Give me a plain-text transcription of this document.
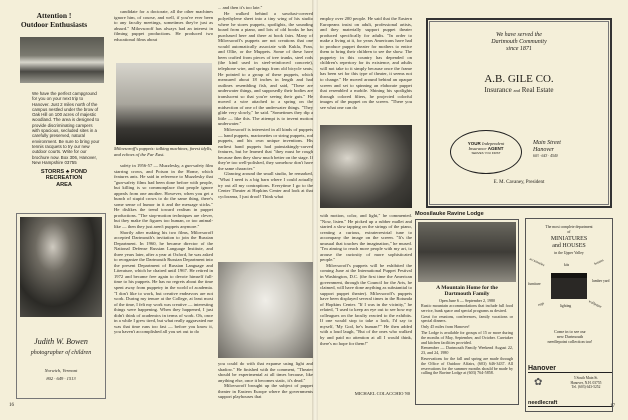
Attention !
Outdoor Enthusiasts
We have the perfect campground for you on your next trip to Hanover. Just 2 miles north of the campus nestled under the brow of Oak Hill on 100 acres of majestic woodland. The area is designed to provide discriminating campers with spacious, secluded sites in a carefully preserved, natural environment. Be sure to bring your tennis racquets to try our new outdoor courts. Write for our brochure now. Box 306, Hanover, New Hampshire 03755
STORRS ♣ POND
RECREATION
AREA
Judith W. Bowen
photographer of children
Norwich, Vermont
802 · 649 · 1513
16

candidate for a doctorate, all the other machines ignore him, of course, and well, if you've ever been to any faculty meetings, sometimes they're just as absurd." Milovsoroff has always had an interest in filming puppet productions. He produced two educational films about

Milovsoroff's puppets: talking machines, forest idylls, and echoes of the Far East.

safety in 1956-57 — Muzzlesky, a gun-safety film starring crows, and Poison in the Home, which features ants. He said in reference to Muzzlesky that "gun-safety films had been done before with people, but killing is so commonplace that people ignore appeals from one another. However, when you get a bunch of stupid crows to do the same thing, there's some sense of humor in it and the message sticks." He dislikes the trend toward realism in puppet productions. "The stop-motion techniques are clever, but they make the figures too human, or too animal-like — then they just aren't puppets anymore."

Shortly after making his two films, Milovsoroff accepted Dartmouth's invitation to join the Russian Department. In 1960, he became director of the National Defense Russian Language Institute, and three years later, after a year at Oxford, he was asked to reorganize the Dartmouth Russian Department into the present Department of Russian Language and Literature, which he chaired until 1967. He retired in 1972 and became free again to devote himself full-time to his puppets. He has no regrets about the time spent away from puppetry in the world of academia. "I don't like to work, but creative endeavors are not work. During my tenure at the College, at least most of the time, I felt my work was creative — interesting things were happening. When they happened, I just didn't think of academics in terms of work. Oh, once in a while I grew tired, but what really aggravated me was that time runs too fast — before you know it, you haven't accomplished all you set out to do

... and then it's too late."

He walked behind a sawdust-covered polyethylene sheet into a tiny wing of his studio where he stores puppets, spotlights, the sounding board from a piano, and lots of old books he has purchased here and there at book fairs. Many of Milovsoroff's puppets are not creations that one would automatically associate with Kukla, Fran, and Ollie, or the Muppets. Some of these have been crafted from pieces of tree trunks, steel rods (the kind used in steel-reinforced concrete), telephone wire, and springs from old bicycle seats. He pointed to a group of these puppets, which measured about 18 inches in length and had outlines resembling fish, and said, "These are underwater things, and supposedly their bodies are translucent so that you're seeing their guts." He moved a wire attached to a spring on the midsection of one of the underwater things. "They glide very slowly," he said. "Sometimes they dip a little — like this. The attempt is to invent motion underwater."

Milovsoroff is interested in all kinds of puppets — hand puppets, marionettes or string puppets, rod puppets, and his own unique inventions. His earliest hand puppets had painstakingly-carved features, but he learned that "they must be rough because then they show much better on the stage. If they're too well-polished, they somehow don't have the same character."

Glancing around the small studio, he remarked, "What I need is a big barn where I could actually try out all my contraptions. Everytime I go to the Center Theater at Hopkins Center and look at that cyclorama, I just drool! Think what

you could do with that expanse using light and shadow." He finished with the comment, "Theater should be experimental at all times because, like anything else, once it becomes static, it's dead."

Milovsoroff brought up the subject of puppet theater in Eastern Europe where the governments support playhouses that

employ over 200 people. He said that the Eastern Europeans insist on adult, professional artists, and they materially support puppet theater produced specifically for adults. "In order to make a living at it, for years Americans have had to produce puppet theater for mothers to entice them to bring their children to see the show. The puppetry in this country has depended on children's repertory for its existence, and adults will not take to it simply because once the frame has been set for this type of theater, it seems not to change." He moved around behind an opaque screen and set to spinning an elaborate puppet that resembled a mobile. Shining his spotlights through colored filters, he projected colorful images of the puppet on the screen. "There you see what one can do

with motion, color, and light," he commented. "Now, listen." He picked up a rubber mallet and started a slow tapping on the strings of the piano, creating a curious, extraterrestrial tune to accompany the image on the screen. "It's the unusual that touches the imagination," he mused. "I'm aiming to reach more people with my art, to arouse the curiosity of more sophisticated people."

Milovsoroff's puppets will be exhibited the coming June at the International Puppet Festival in Washington, D.C. (the first time the American government, through the Council for the Arts, he claimed, will have done anything as substantial to support puppet theater). Milovsoroff's puppets have been displayed several times in the Rotunda of Hopkins Center. "If I was in the vicinity," he related, "I used to keep an eye out to see how my colleagues on the faculty reacted to the exhibits. If one would stop to take a look, I'd say to myself, 'My God, he's human!'" He then added with a loud laugh, "But of the ones who walked by and paid no attention at all I would think, there's no hope for them!"

MICHAEL COLACCHIO '80
We have served the
Dartmouth Community
since 1871
A.B. GILE CO.
Insurance and Real Estate
YOUR Independent
Insurance AGENT
SERVES YOU FIRST
Main Street
Hanover
603 · 643 · 4540
E. M. Cavaney, President
Moosilauke Ravine Lodge
A Mountain Home for the Dartmouth Family
Open June 6 — September 2, 1980

Rustic mountain accommodations that include full food service, bunk space and special programs as desired.

Great for reunions, conferences, family vacations or special dinners.

Only 45 miles from Hanover!

The Lodge is available for groups of 15 or more during the months of May, September, and October. Caretaker and kitchen facilities provided.

Remember — Dartmouth Family Weekend August 22, 23, and 24, 1980

Reservations for the fall and spring are made through the Office of Outdoor Affairs, (603) 646-3437. All reservations for the summer months should be made by calling the Ravine Lodge at (603) 764-5858.

The most complete department
of
MINIATURES
and HOUSES
in the Upper Valley
accessories	kits	houses
furniture
lumber yard
rugs	lighting	wallpaper
Come in to see our
new Dartmouth
needlepoint collection too!
Hanover
✿	5 South Main St.
Hanover, N.H. 03755
Tel. (603) 643-5252
needlecraft
17
